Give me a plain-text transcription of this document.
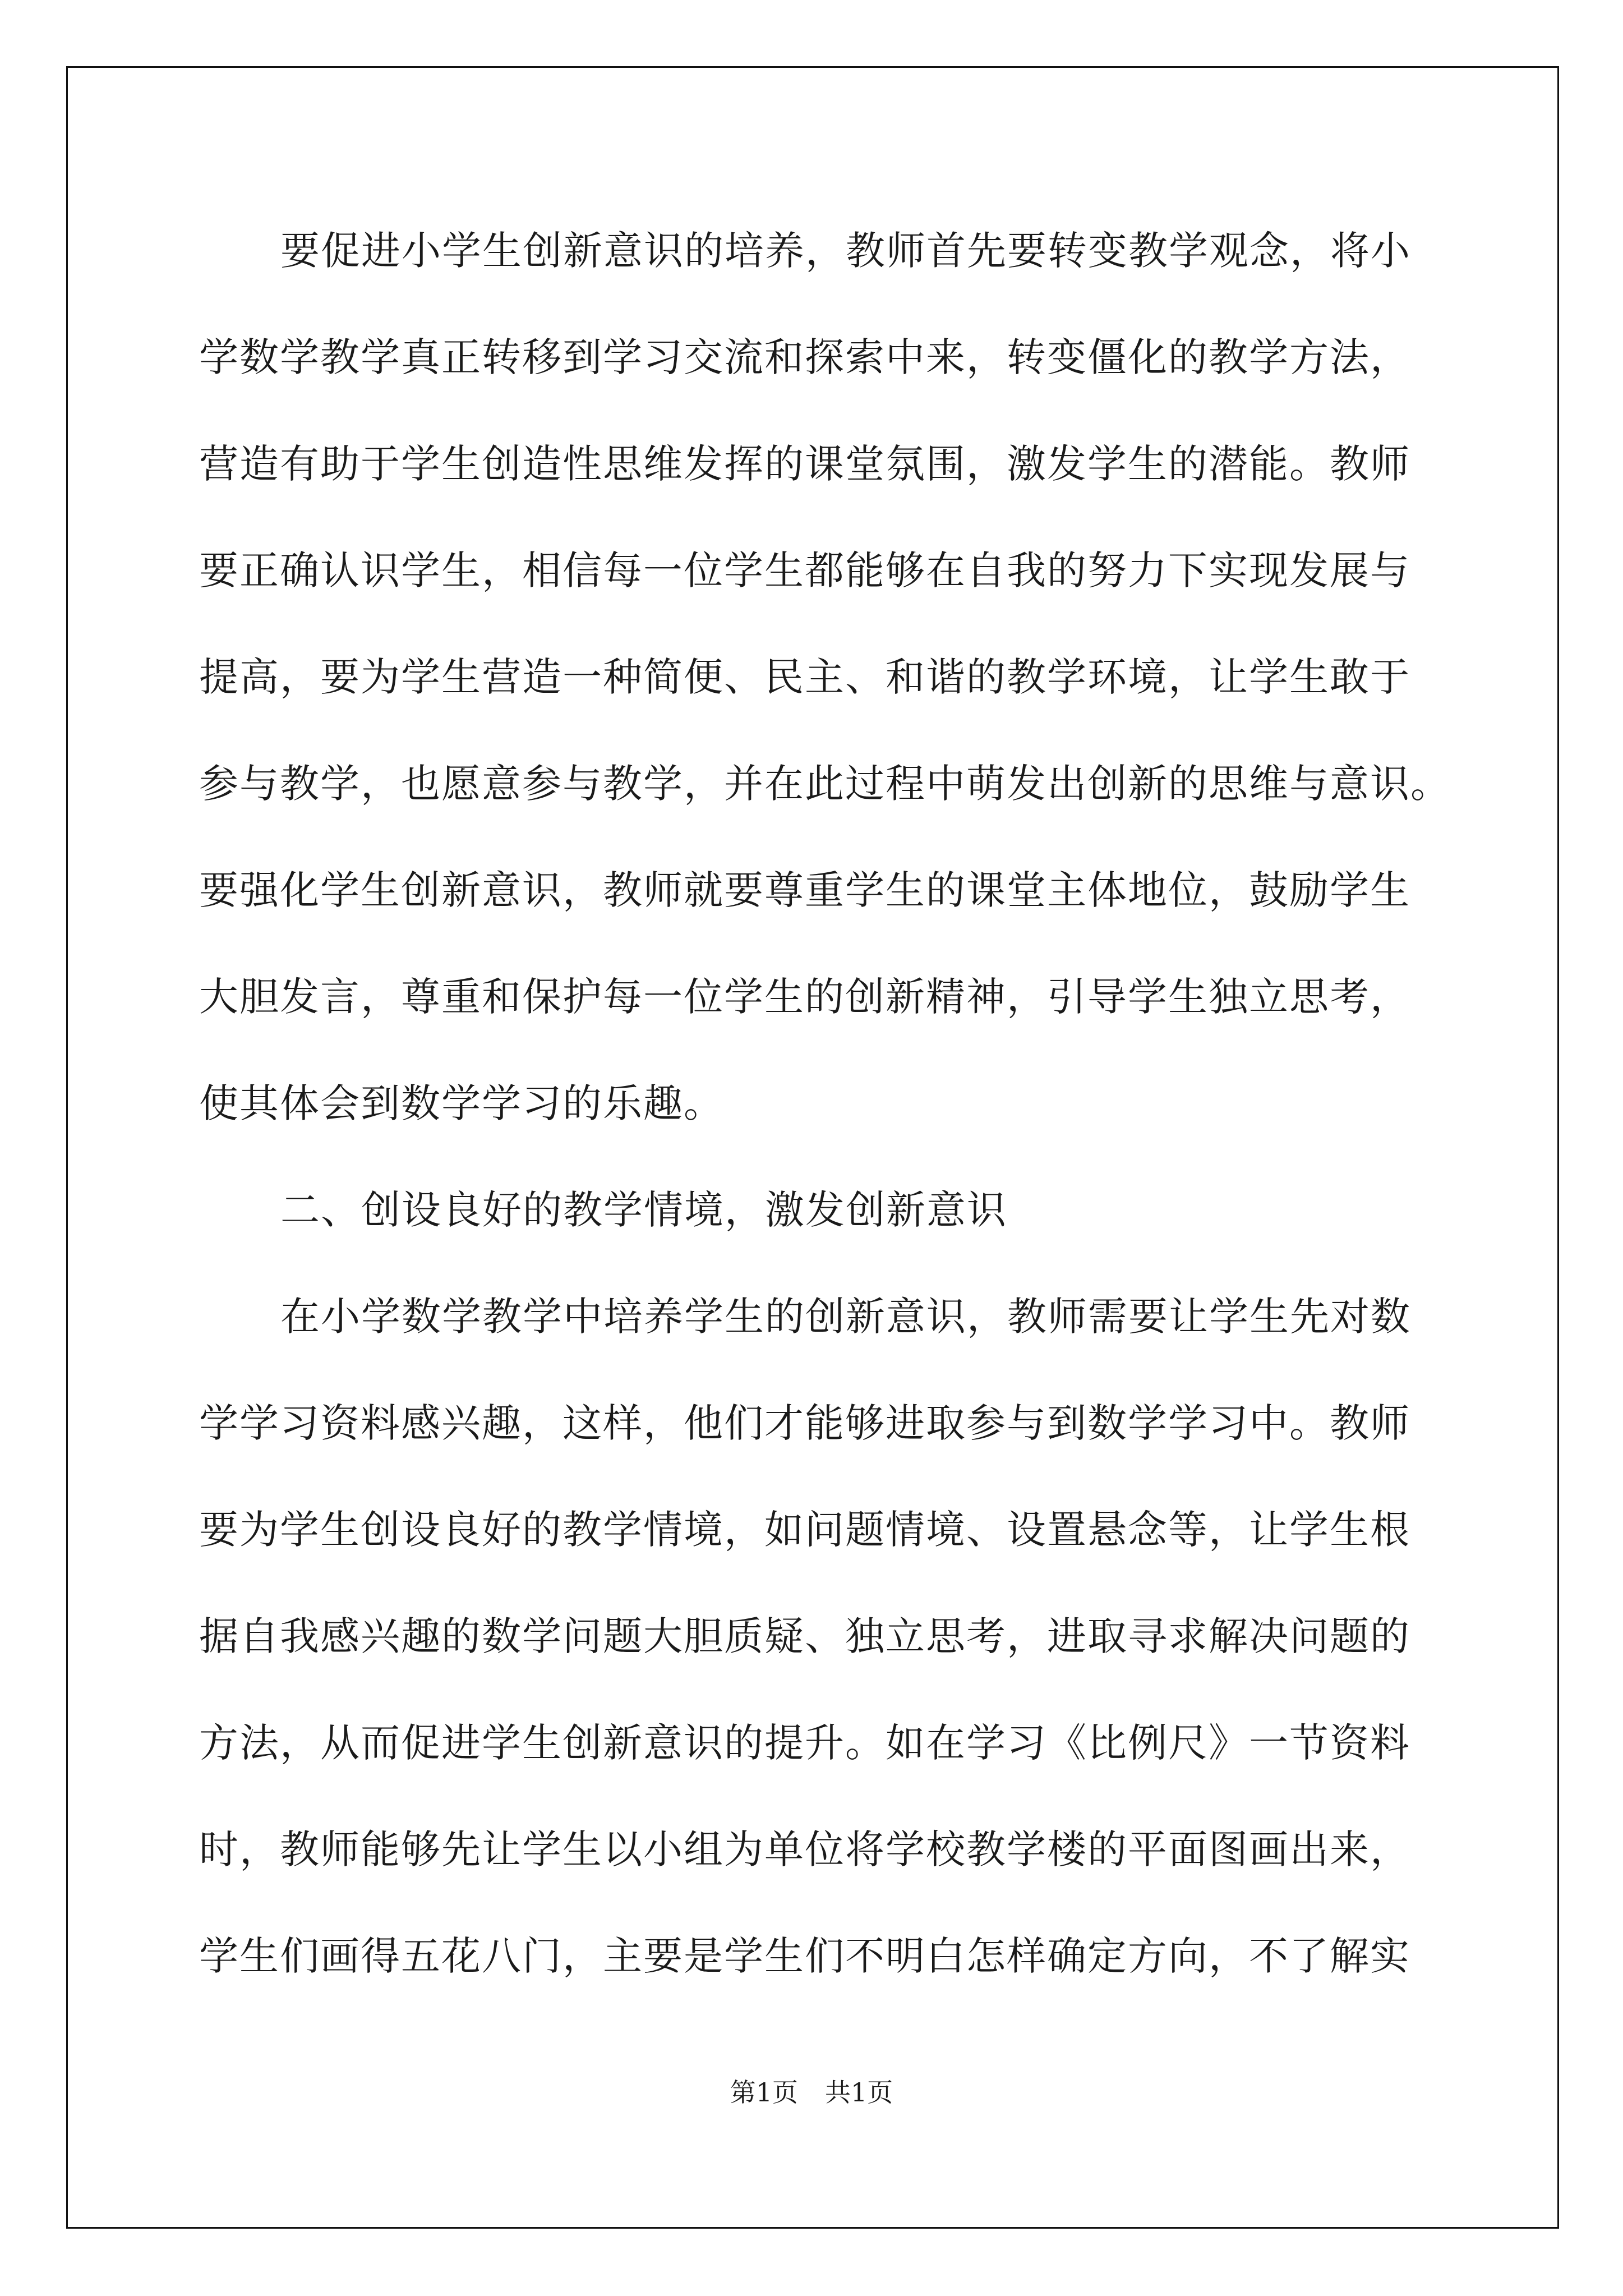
要促进小学生创新意识的培养，教师首先要转变教学观念，将小
学数学教学真正转移到学习交流和探索中来，转变僵化的教学方法，
营造有助于学生创造性思维发挥的课堂氛围，激发学生的潜能。教师
要正确认识学生，相信每一位学生都能够在自我的努力下实现发展与
提高，要为学生营造一种简便、民主、和谐的教学环境，让学生敢于
参与教学，也愿意参与教学，并在此过程中萌发出创新的思维与意识。
要强化学生创新意识，教师就要尊重学生的课堂主体地位，鼓励学生
大胆发言，尊重和保护每一位学生的创新精神，引导学生独立思考，
使其体会到数学学习的乐趣。
二、创设良好的教学情境，激发创新意识
在小学数学教学中培养学生的创新意识，教师需要让学生先对数
学学习资料感兴趣，这样，他们才能够进取参与到数学学习中。教师
要为学生创设良好的教学情境，如问题情境、设置悬念等，让学生根
据自我感兴趣的数学问题大胆质疑、独立思考，进取寻求解决问题的
方法，从而促进学生创新意识的提升。如在学习《比例尺》一节资料
时，教师能够先让学生以小组为单位将学校教学楼的平面图画出来，
学生们画得五花八门，主要是学生们不明白怎样确定方向，不了解实
第1页 共1页
